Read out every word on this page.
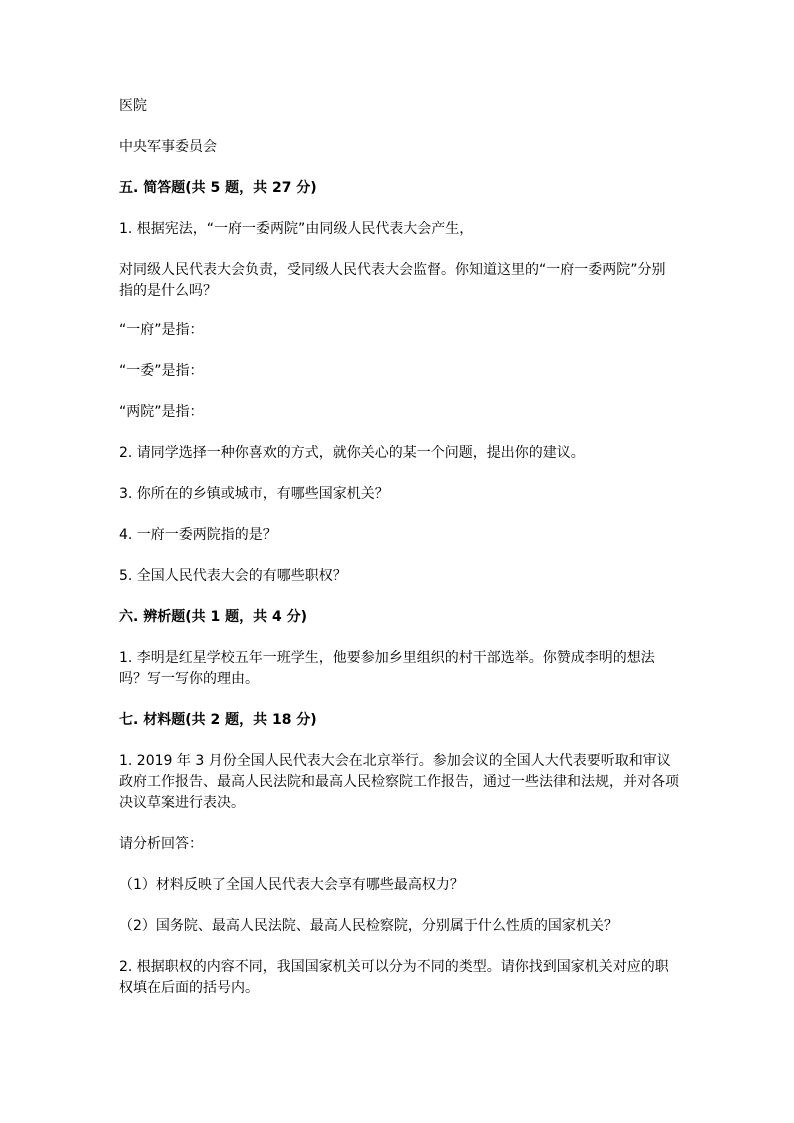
医院

中央军事委员会

五. 简答题(共 5 题，共 27 分)

1. 根据宪法，“一府一委两院”由同级人民代表大会产生，

对同级人民代表大会负责，受同级人民代表大会监督。你知道这里的“一府一委两院”分别指的是什么吗？

“一府”是指：

“一委”是指：

“两院”是指：

2. 请同学选择一种你喜欢的方式，就你关心的某一个问题，提出你的建议。

3. 你所在的乡镇或城市，有哪些国家机关？

4. 一府一委两院指的是？

5. 全国人民代表大会的有哪些职权？

六. 辨析题(共 1 题，共 4 分)

1. 李明是红星学校五年一班学生，他要参加乡里组织的村干部选举。你赞成李明的想法吗？写一写你的理由。

七. 材料题(共 2 题，共 18 分)

1. 2019 年 3 月份全国人民代表大会在北京举行。参加会议的全国人大代表要听取和审议政府工作报告、最高人民法院和最高人民检察院工作报告，通过一些法律和法规，并对各项决议草案进行表决。

请分析回答：

（1）材料反映了全国人民代表大会享有哪些最高权力？

（2）国务院、最高人民法院、最高人民检察院，分别属于什么性质的国家机关？

2. 根据职权的内容不同，我国国家机关可以分为不同的类型。请你找到国家机关对应的职权填在后面的括号内。
